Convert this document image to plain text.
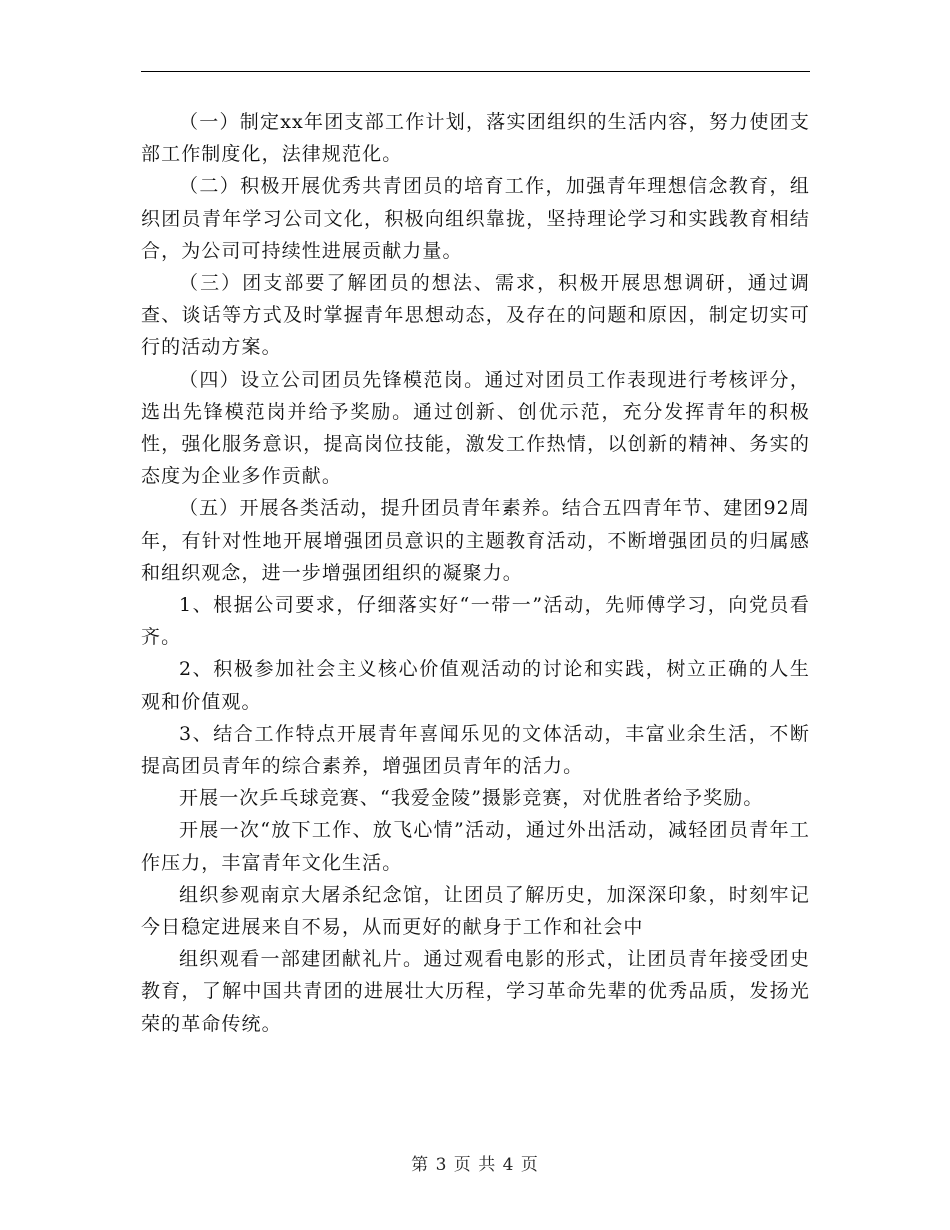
（一）制定xx年团支部工作计划，落实团组织的生活内容，努力使团支部工作制度化，法律规范化。

（二）积极开展优秀共青团员的培育工作，加强青年理想信念教育，组织团员青年学习公司文化，积极向组织靠拢，坚持理论学习和实践教育相结合，为公司可持续性进展贡献力量。

（三）团支部要了解团员的想法、需求，积极开展思想调研，通过调查、谈话等方式及时掌握青年思想动态，及存在的问题和原因，制定切实可行的活动方案。

（四）设立公司团员先锋模范岗。通过对团员工作表现进行考核评分，选出先锋模范岗并给予奖励。通过创新、创优示范，充分发挥青年的积极性，强化服务意识，提高岗位技能，激发工作热情，以创新的精神、务实的态度为企业多作贡献。

（五）开展各类活动，提升团员青年素养。结合五四青年节、建团92周年，有针对性地开展增强团员意识的主题教育活动，不断增强团员的归属感和组织观念，进一步增强团组织的凝聚力。

1、根据公司要求，仔细落实好“一带一”活动，先师傅学习，向党员看齐。

2、积极参加社会主义核心价值观活动的讨论和实践，树立正确的人生观和价值观。

3、结合工作特点开展青年喜闻乐见的文体活动，丰富业余生活，不断提高团员青年的综合素养，增强团员青年的活力。

开展一次乒乓球竞赛、“我爱金陵”摄影竞赛，对优胜者给予奖励。

开展一次“放下工作、放飞心情”活动，通过外出活动，减轻团员青年工作压力，丰富青年文化生活。

组织参观南京大屠杀纪念馆，让团员了解历史，加深深印象，时刻牢记今日稳定进展来自不易，从而更好的献身于工作和社会中

组织观看一部建团献礼片。通过观看电影的形式，让团员青年接受团史教育，了解中国共青团的进展壮大历程，学习革命先辈的优秀品质，发扬光荣的革命传统。

第 3 页 共 4 页
